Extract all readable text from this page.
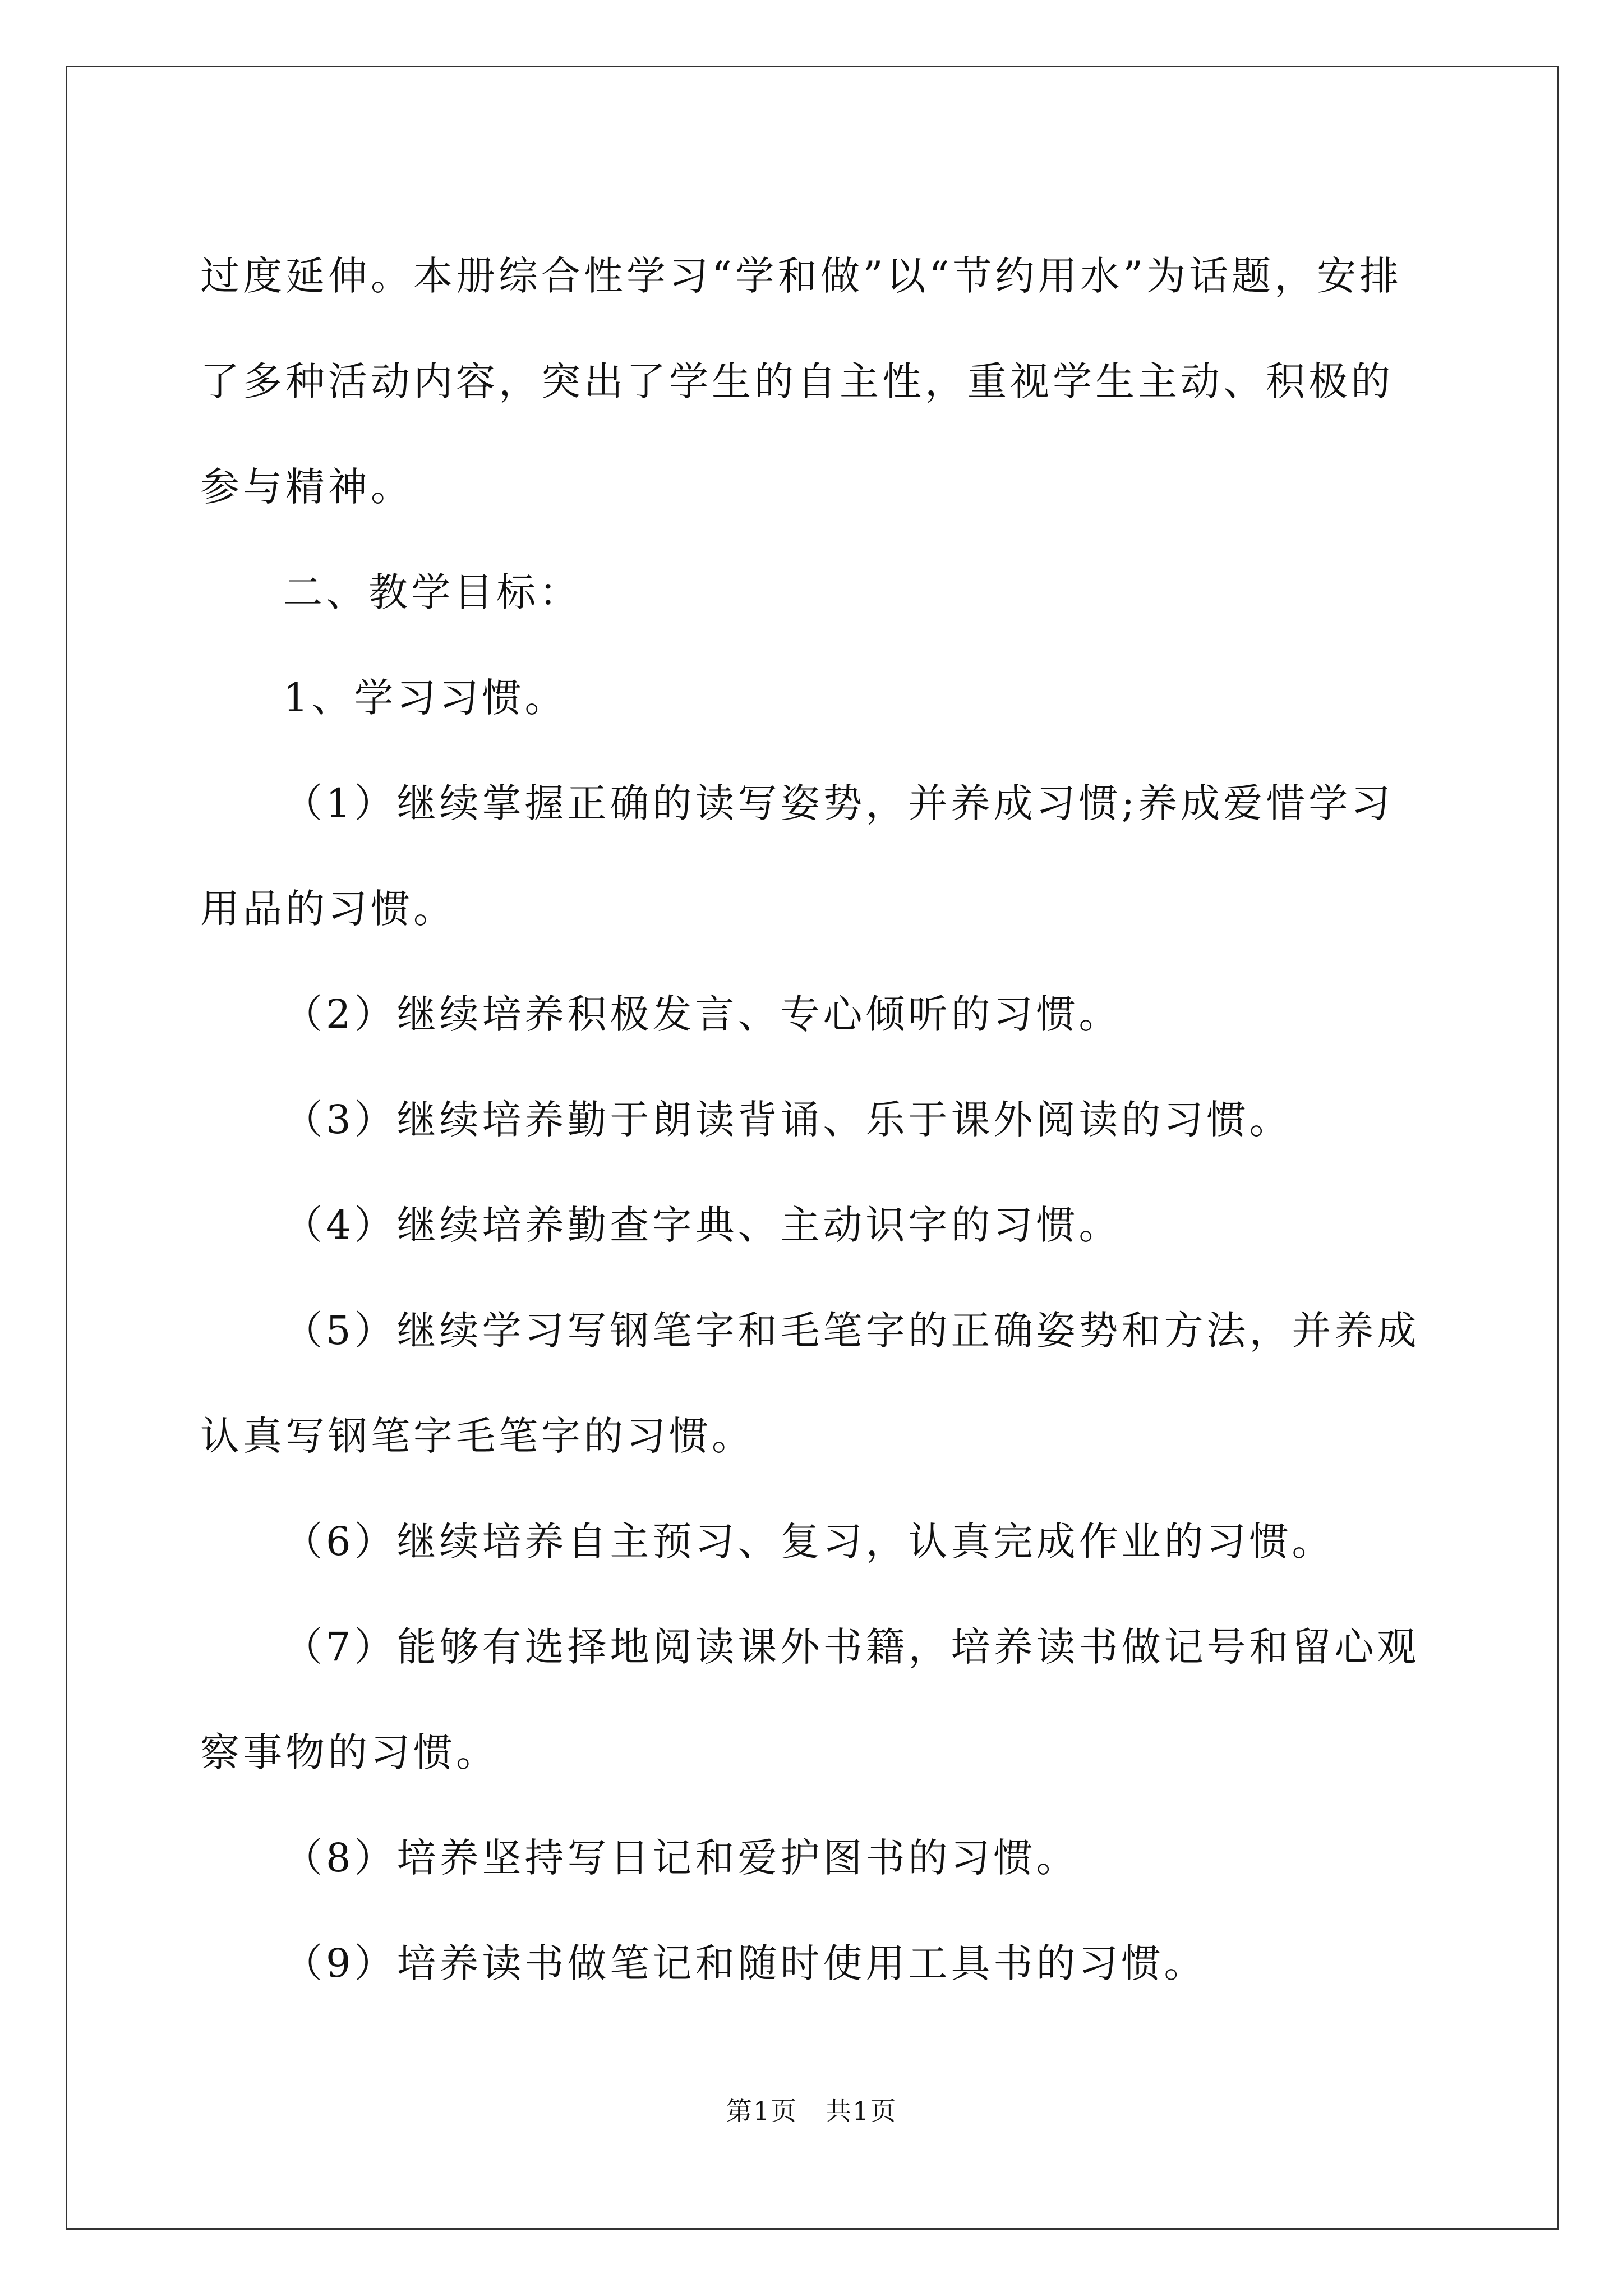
过度延伸。本册综合性学习“学和做”以“节约用水”为话题，安排了多种活动内容，突出了学生的自主性，重视学生主动、积极的参与精神。

二、教学目标：

1、学习习惯。

（1）继续掌握正确的读写姿势，并养成习惯;养成爱惜学习用品的习惯。

（2）继续培养积极发言、专心倾听的习惯。

（3）继续培养勤于朗读背诵、乐于课外阅读的习惯。

（4）继续培养勤查字典、主动识字的习惯。

（5）继续学习写钢笔字和毛笔字的正确姿势和方法，并养成认真写钢笔字毛笔字的习惯。

（6）继续培养自主预习、复习，认真完成作业的习惯。

（7）能够有选择地阅读课外书籍，培养读书做记号和留心观察事物的习惯。

（8）培养坚持写日记和爱护图书的习惯。

（9）培养读书做笔记和随时使用工具书的习惯。

第1页 共1页
